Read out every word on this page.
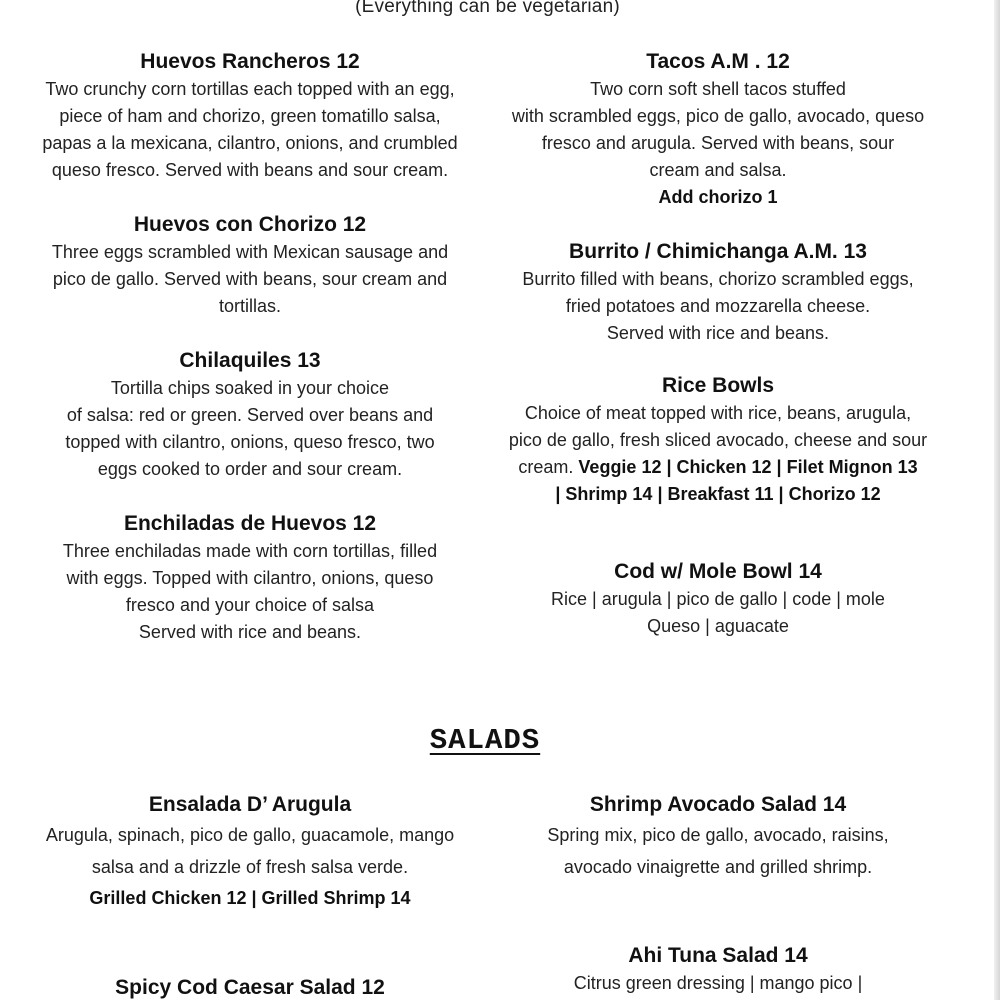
(Everything can be vegetarian)
Huevos Rancheros 12
Two crunchy corn tortillas each topped with an egg,
piece of ham and chorizo, green tomatillo salsa,
papas a la mexicana, cilantro, onions, and crumbled
queso fresco. Served with beans and sour cream.
Huevos con Chorizo 12
Three eggs scrambled with Mexican sausage and
pico de gallo. Served with beans, sour cream and
tortillas.
Chilaquiles 13
Tortilla chips soaked in your choice
of salsa: red or green. Served over beans and
topped with cilantro, onions, queso fresco, two
eggs cooked to order and sour cream.
Enchiladas de Huevos 12
Three enchiladas made with corn tortillas, filled
with eggs. Topped with cilantro, onions, queso
fresco and your choice of salsa
Served with rice and beans.
Tacos A.M . 12
Two corn soft shell tacos stuffed
with scrambled eggs, pico de gallo, avocado, queso
fresco and arugula. Served with beans, sour
cream and salsa.
Add chorizo 1
Burrito / Chimichanga A.M. 13
Burrito filled with beans, chorizo scrambled eggs,
fried potatoes and mozzarella cheese.
Served with rice and beans.
Rice Bowls
Choice of meat topped with rice, beans, arugula,
pico de gallo, fresh sliced avocado, cheese and sour
cream. Veggie 12 | Chicken 12 | Filet Mignon 13
| Shrimp 14 | Breakfast 11 | Chorizo 12
Cod w/ Mole Bowl 14
Rice | arugula | pico de gallo | code | mole
Queso | aguacate
SALADS
Ensalada D’ Arugula
Arugula, spinach, pico de gallo, guacamole, mango
salsa and a drizzle of fresh salsa verde.
Grilled Chicken 12 | Grilled Shrimp 14
Spicy Cod Caesar Salad 12
Shrimp Avocado Salad 14
Spring mix, pico de gallo, avocado, raisins,
avocado vinaigrette and grilled shrimp.
Ahi Tuna Salad 14
Citrus green dressing | mango pico |
